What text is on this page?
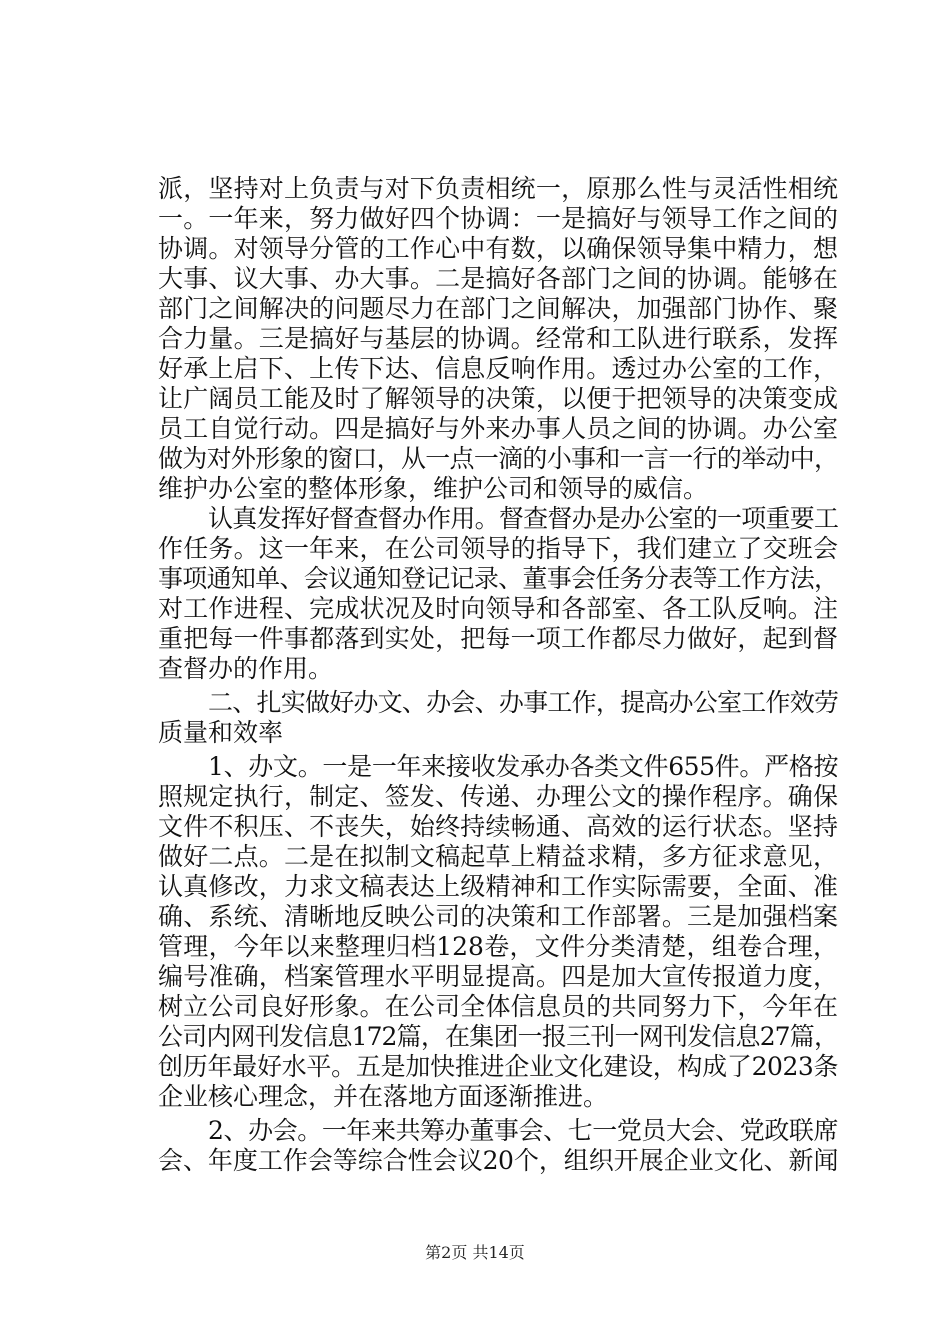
派，坚持对上负责与对下负责相统一，原那么性与灵活性相统
一。一年来，努力做好四个协调：一是搞好与领导工作之间的
协调。对领导分管的工作心中有数，以确保领导集中精力，想
大事、议大事、办大事。二是搞好各部门之间的协调。能够在
部门之间解决的问题尽力在部门之间解决，加强部门协作、聚
合力量。三是搞好与基层的协调。经常和工队进行联系，发挥
好承上启下、上传下达、信息反响作用。透过办公室的工作，
让广阔员工能及时了解领导的决策，以便于把领导的决策变成
员工自觉行动。四是搞好与外来办事人员之间的协调。办公室
做为对外形象的窗口，从一点一滴的小事和一言一行的举动中，
维护办公室的整体形象，维护公司和领导的威信。
认真发挥好督查督办作用。督查督办是办公室的一项重要工
作任务。这一年来，在公司领导的指导下，我们建立了交班会
事项通知单、会议通知登记记录、董事会任务分表等工作方法，
对工作进程、完成状况及时向领导和各部室、各工队反响。注
重把每一件事都落到实处，把每一项工作都尽力做好，起到督
查督办的作用。
二、扎实做好办文、办会、办事工作，提高办公室工作效劳
质量和效率
1、办文。一是一年来接收发承办各类文件655件。严格按
照规定执行，制定、签发、传递、办理公文的操作程序。确保
文件不积压、不丧失，始终持续畅通、高效的运行状态。坚持
做好二点。二是在拟制文稿起草上精益求精，多方征求意见，
认真修改，力求文稿表达上级精神和工作实际需要，全面、准
确、系统、清晰地反映公司的决策和工作部署。三是加强档案
管理，今年以来整理归档128卷，文件分类清楚，组卷合理，
编号准确，档案管理水平明显提高。四是加大宣传报道力度，
树立公司良好形象。在公司全体信息员的共同努力下，今年在
公司内网刊发信息172篇，在集团一报三刊一网刊发信息27篇，
创历年最好水平。五是加快推进企业文化建设，构成了2023条
企业核心理念，并在落地方面逐渐推进。
2、办会。一年来共筹办董事会、七一党员大会、党政联席
会、年度工作会等综合性会议20个，组织开展企业文化、新闻
第2页 共14页
